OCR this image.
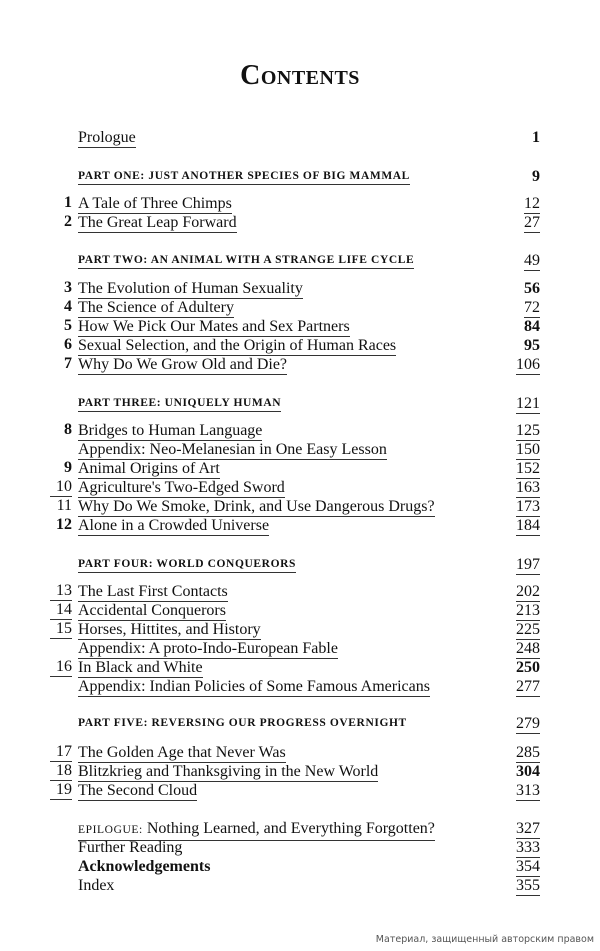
Contents
Prologue	1
PART ONE: JUST ANOTHER SPECIES OF BIG MAMMAL	9
1 A Tale of Three Chimps	12
2 The Great Leap Forward	27
PART TWO: AN ANIMAL WITH A STRANGE LIFE CYCLE	49
3 The Evolution of Human Sexuality	56
4 The Science of Adultery	72
5 How We Pick Our Mates and Sex Partners	84
6 Sexual Selection, and the Origin of Human Races	95
7 Why Do We Grow Old and Die?	106
PART THREE: UNIQUELY HUMAN	121
8 Bridges to Human Language	125
Appendix: Neo-Melanesian in One Easy Lesson	150
9 Animal Origins of Art	152
10 Agriculture's Two-Edged Sword	163
11 Why Do We Smoke, Drink, and Use Dangerous Drugs?	173
12 Alone in a Crowded Universe	184
PART FOUR: WORLD CONQUERORS	197
13 The Last First Contacts	202
14 Accidental Conquerors	213
15 Horses, Hittites, and History	225
Appendix: A proto-Indo-European Fable	248
16 In Black and White	250
Appendix: Indian Policies of Some Famous Americans	277
PART FIVE: REVERSING OUR PROGRESS OVERNIGHT	279
17 The Golden Age that Never Was	285
18 Blitzkrieg and Thanksgiving in the New World	304
19 The Second Cloud	313
EPILOGUE: Nothing Learned, and Everything Forgotten?	327
Further Reading	333
Acknowledgements	354
Index	355
Материал, защищенный авторским правом
